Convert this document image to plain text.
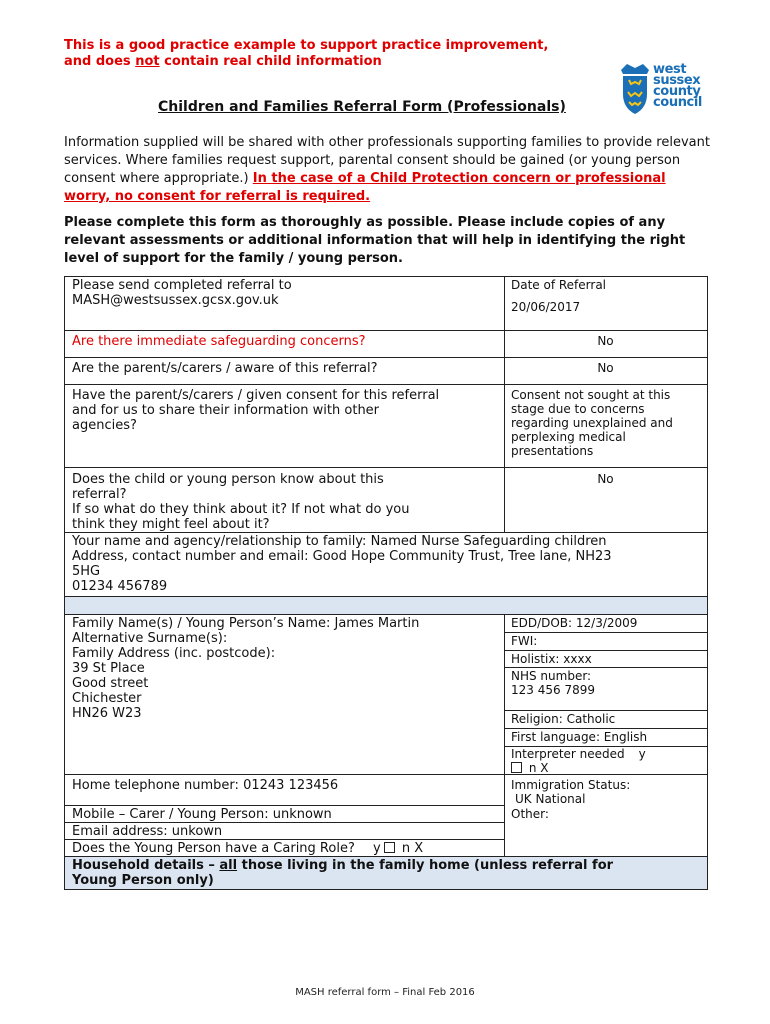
This is a good practice example to support practice improvement,
and does not contain real child information
west
sussex
county
council
Children and Families Referral Form (Professionals)
Information supplied will be shared with other professionals supporting families to provide relevant services. Where families request support, parental consent should be gained (or young person consent where appropriate.) In the case of a Child Protection concern or professional worry, no consent for referral is required.
Please complete this form as thoroughly as possible. Please include copies of any relevant assessments or additional information that will help in identifying the right level of support for the family / young person.
Please send completed referral to
MASH@westsussex.gcsx.gov.uk
Date of Referral
20/06/2017
Are there immediate safeguarding concerns?	No
Are the parent/s/carers / aware of this referral?	No
Have the parent/s/carers / given consent for this referral
and for us to share their information with other
agencies?
Consent not sought at this
stage due to concerns
regarding unexplained and
perplexing medical
presentations
Does the child or young person know about this
referral?
If so what do they think about it? If not what do you
think they might feel about it?
No
Your name and agency/relationship to family: Named Nurse Safeguarding children
Address, contact number and email: Good Hope Community Trust, Tree lane, NH23
5HG
01234 456789
Family Name(s) / Young Person’s Name: James Martin
Alternative Surname(s):
Family Address (inc. postcode):
39 St Place
Good street
Chichester
HN26 W23
Home telephone number: 01243 123456
Mobile – Carer / Young Person: unknown
Email address: unkown
Does the Young Person have a Caring Role? y n X
EDD/DOB: 12/3/2009
FWI:
Holistix: xxxx
NHS number:
123 456 7899
Religion: Catholic
First language: English
Interpreter needed y
n X
Immigration Status:
UK National
Other:
Household details – all those living in the family home (unless referral for
Young Person only)
MASH referral form – Final Feb 2016
